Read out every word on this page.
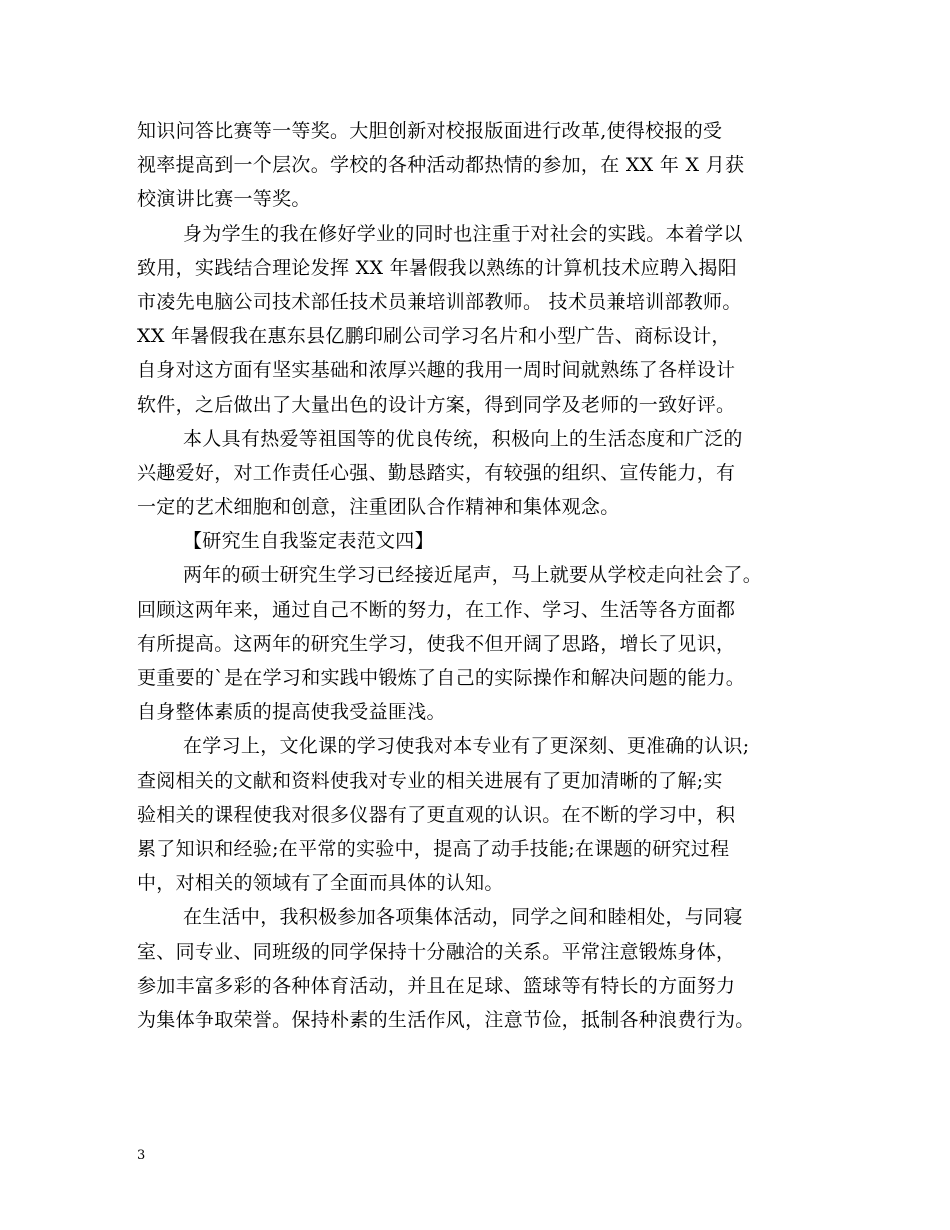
知识问答比赛等一等奖。大胆创新对校报版面进行改革,使得校报的受
视率提高到一个层次。学校的各种活动都热情的参加，在 XX 年 X 月获
校演讲比赛一等奖。
身为学生的我在修好学业的同时也注重于对社会的实践。本着学以
致用，实践结合理论发挥 XX 年暑假我以熟练的计算机技术应聘入揭阳
市凌先电脑公司技术部任技术员兼培训部教师。 技术员兼培训部教师。
XX 年暑假我在惠东县亿鹏印刷公司学习名片和小型广告、商标设计，
自身对这方面有坚实基础和浓厚兴趣的我用一周时间就熟练了各样设计
软件，之后做出了大量出色的设计方案，得到同学及老师的一致好评。
本人具有热爱等祖国等的优良传统，积极向上的生活态度和广泛的
兴趣爱好，对工作责任心强、勤恳踏实，有较强的组织、宣传能力，有
一定的艺术细胞和创意，注重团队合作精神和集体观念。
【研究生自我鉴定表范文四】
两年的硕士研究生学习已经接近尾声，马上就要从学校走向社会了。
回顾这两年来，通过自己不断的努力，在工作、学习、生活等各方面都
有所提高。这两年的研究生学习，使我不但开阔了思路，增长了见识，
更重要的`是在学习和实践中锻炼了自己的实际操作和解决问题的能力。
自身整体素质的提高使我受益匪浅。
在学习上，文化课的学习使我对本专业有了更深刻、更准确的认识;
查阅相关的文献和资料使我对专业的相关进展有了更加清晰的了解;实
验相关的课程使我对很多仪器有了更直观的认识。在不断的学习中，积
累了知识和经验;在平常的实验中，提高了动手技能;在课题的研究过程
中，对相关的领域有了全面而具体的认知。
在生活中，我积极参加各项集体活动，同学之间和睦相处，与同寝
室、同专业、同班级的同学保持十分融洽的关系。平常注意锻炼身体，
参加丰富多彩的各种体育活动，并且在足球、篮球等有特长的方面努力
为集体争取荣誉。保持朴素的生活作风，注意节俭，抵制各种浪费行为。
3
